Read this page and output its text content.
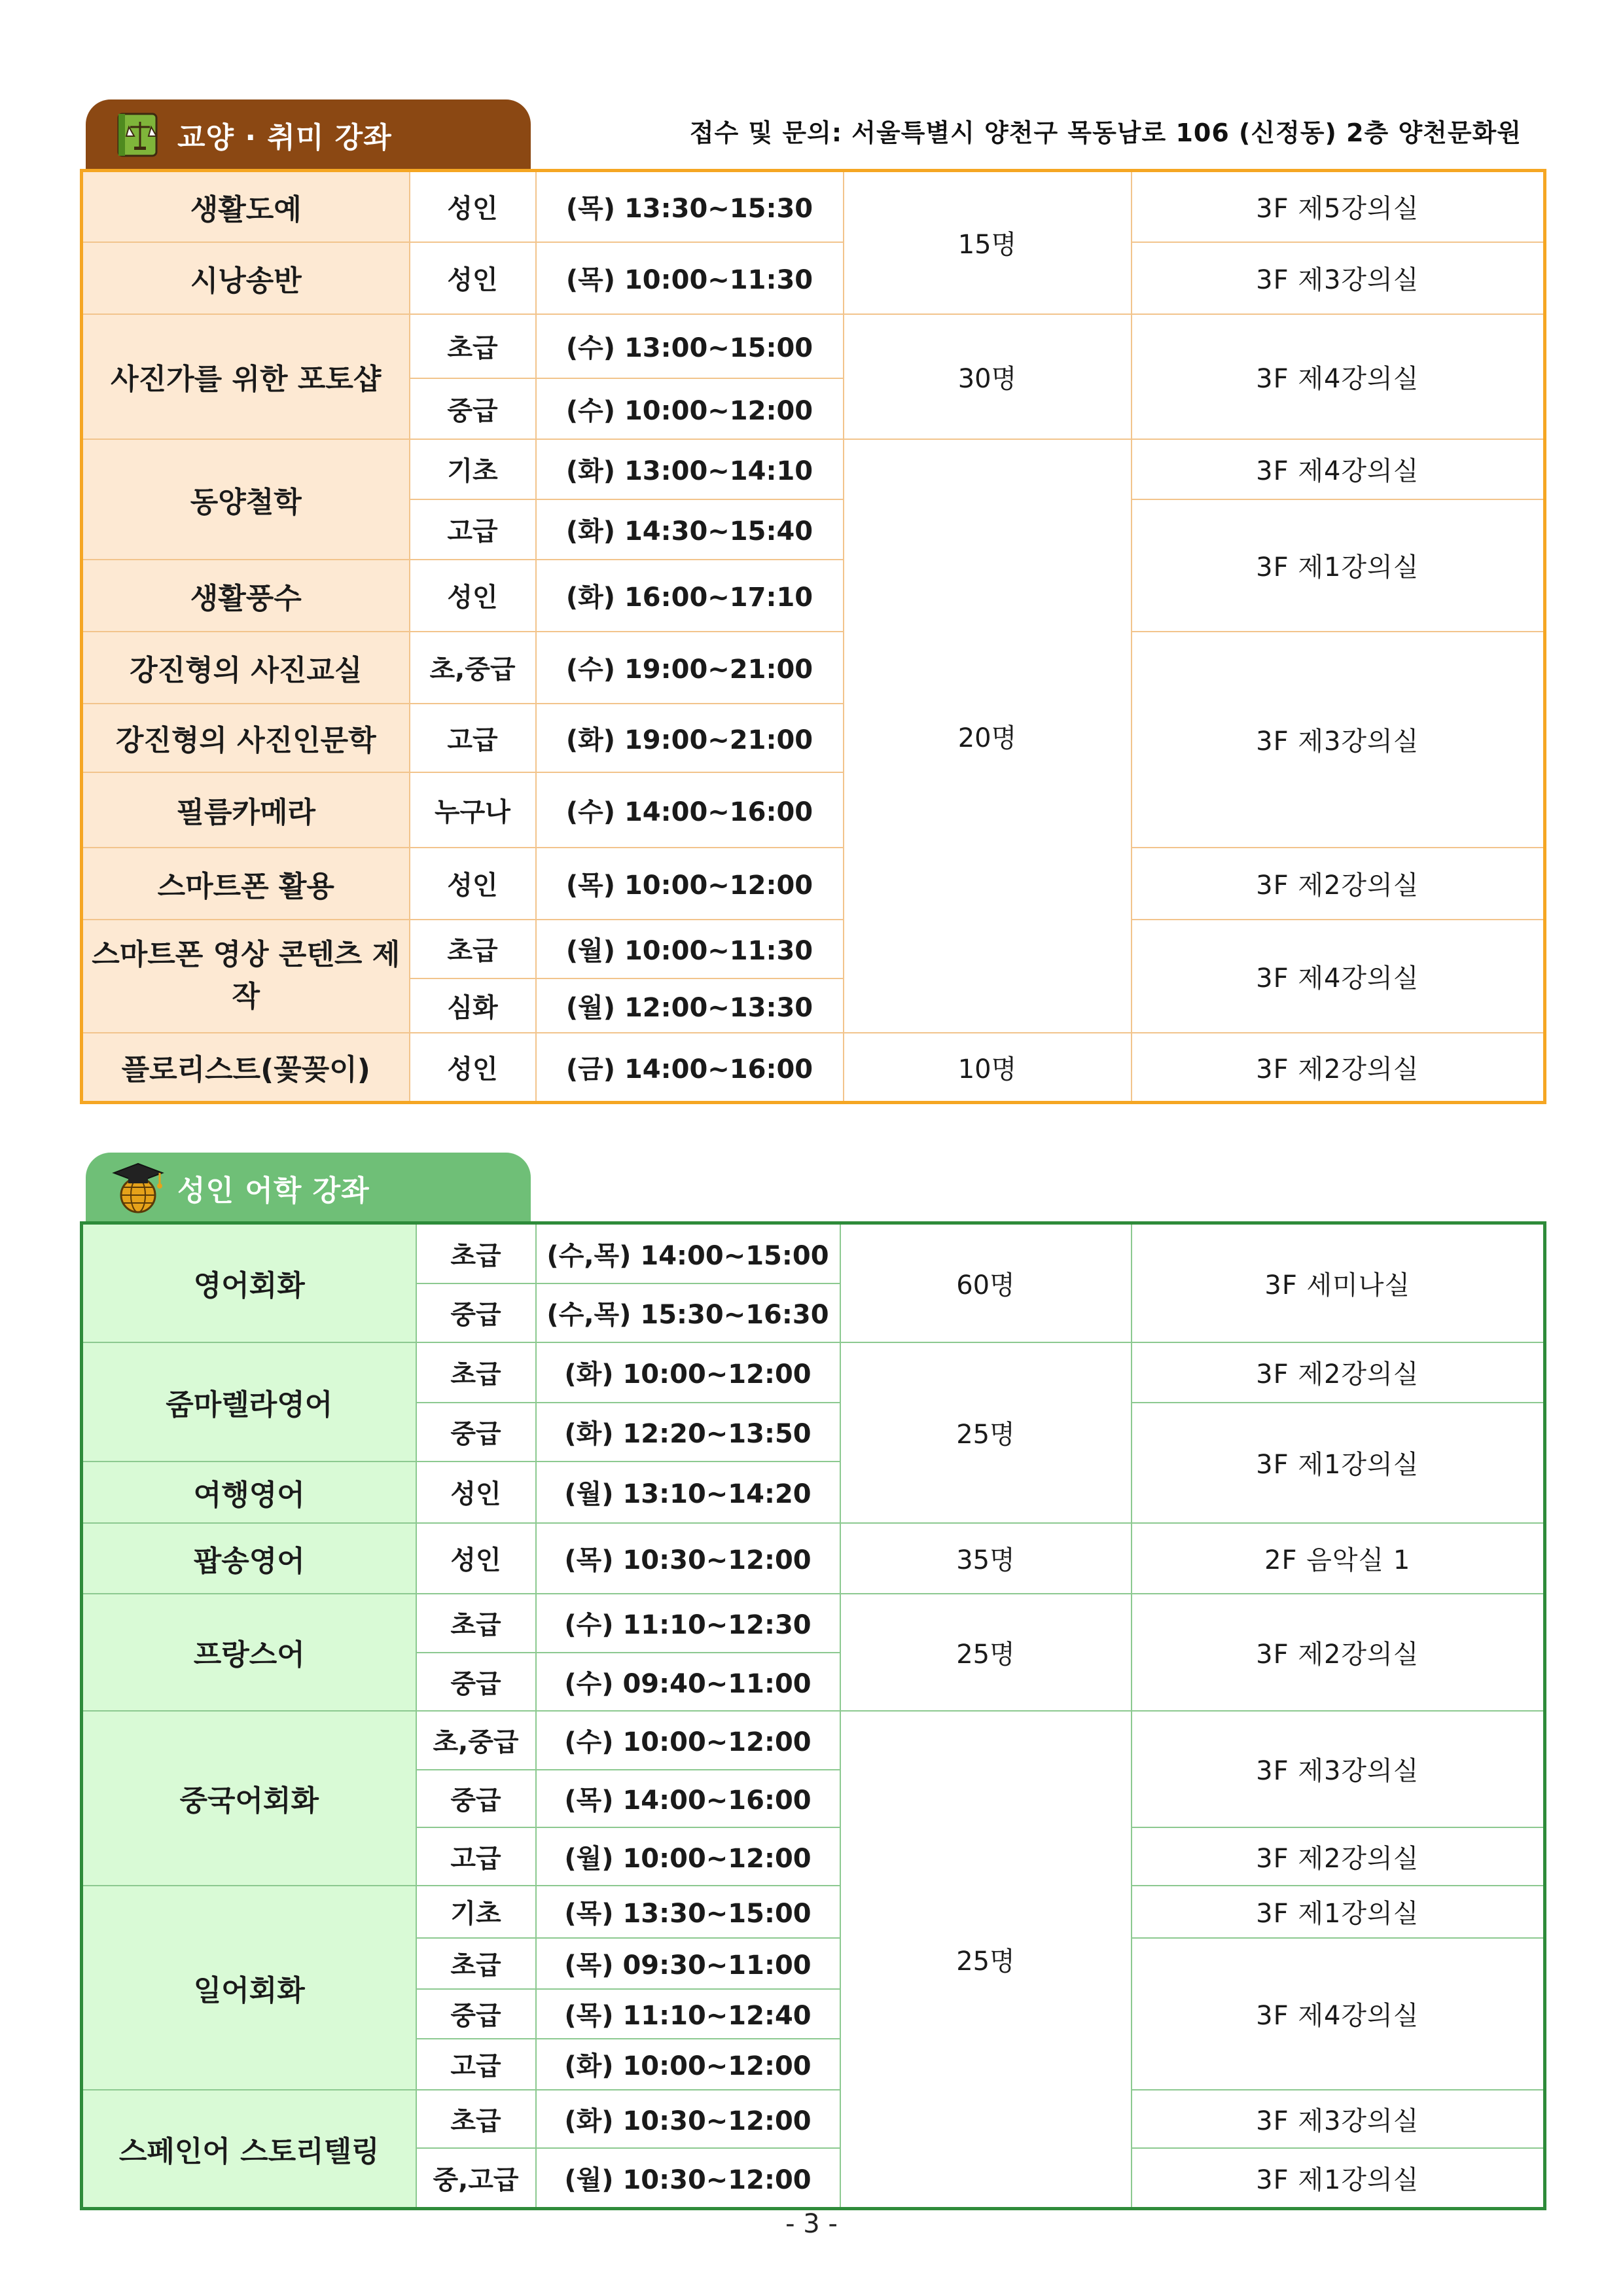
교양 · 취미 강좌	접수 및 문의: 서울특별시 양천구 목동남로 106 (신정동) 2층 양천문화원
생활도예	성인	(목) 13:30~15:30	15명	3F 제5강의실
시낭송반	성인	(목) 10:00~11:30		3F 제3강의실
사진가를 위한 포토샵	초급	(수) 13:00~15:00	30명	3F 제4강의실
	중급	(수) 10:00~12:00		
동양철학	기초	(화) 13:00~14:10	20명	3F 제4강의실
	고급	(화) 14:30~15:40		3F 제1강의실
생활풍수	성인	(화) 16:00~17:10		
강진형의 사진교실	초,중급	(수) 19:00~21:00		3F 제3강의실
강진형의 사진인문학	고급	(화) 19:00~21:00		
필름카메라	누구나	(수) 14:00~16:00		
스마트폰 활용	성인	(목) 10:00~12:00		3F 제2강의실
스마트폰 영상 콘텐츠 제작	초급	(월) 10:00~11:30		3F 제4강의실
	심화	(월) 12:00~13:30		
플로리스트(꽃꽂이)	성인	(금) 14:00~16:00	10명	3F 제2강의실
성인 어학 강좌
영어회화	초급	(수,목) 14:00~15:00	60명	3F 세미나실
	중급	(수,목) 15:30~16:30		
줌마렐라영어	초급	(화) 10:00~12:00	25명	3F 제2강의실
	중급	(화) 12:20~13:50		3F 제1강의실
여행영어	성인	(월) 13:10~14:20		
팝송영어	성인	(목) 10:30~12:00	35명	2F 음악실 1
프랑스어	초급	(수) 11:10~12:30	25명	3F 제2강의실
	중급	(수) 09:40~11:00		
중국어회화	초,중급	(수) 10:00~12:00	25명	3F 제3강의실
	중급	(목) 14:00~16:00		
	고급	(월) 10:00~12:00		3F 제2강의실
일어회화	기초	(목) 13:30~15:00		3F 제1강의실
	초급	(목) 09:30~11:00		3F 제4강의실
	중급	(목) 11:10~12:40		
	고급	(화) 10:00~12:00		
스페인어 스토리텔링	초급	(화) 10:30~12:00		3F 제3강의실
	중,고급	(월) 10:30~12:00		3F 제1강의실
- 3 -
